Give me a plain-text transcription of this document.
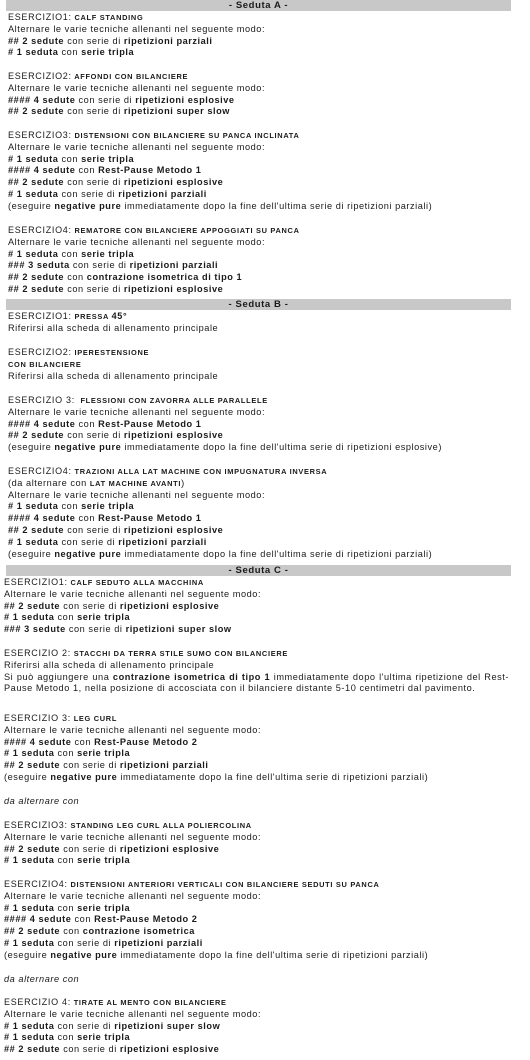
- Seduta A -
ESERCIZIO1: CALF STANDING
Alternare le varie tecniche allenanti nel seguente modo:
## 2 sedute con serie di ripetizioni parziali
# 1 seduta con serie tripla
ESERCIZIO2: AFFONDI CON BILANCIERE
Alternare le varie tecniche allenanti nel seguente modo:
#### 4 sedute con serie di ripetizioni esplosive
## 2 sedute con serie di ripetizioni super slow
ESERCIZIO3: DISTENSIONI CON BILANCIERE SU PANCA INCLINATA
Alternare le varie tecniche allenanti nel seguente modo:
# 1 seduta con serie tripla
#### 4 sedute con Rest-Pause Metodo 1
## 2 sedute con serie di ripetizioni esplosive
# 1 seduta con serie di ripetizioni parziali
(eseguire negative pure immediatamente dopo la fine dell'ultima serie di ripetizioni parziali)
ESERCIZIO4: REMATORE CON BILANCIERE APPOGGIATI SU PANCA
Alternare le varie tecniche allenanti nel seguente modo:
# 1 seduta con serie tripla
### 3 seduta con serie di ripetizioni parziali
## 2 sedute con contrazione isometrica di tipo 1
## 2 sedute con serie di ripetizioni esplosive
- Seduta B -
ESERCIZIO1: PRESSA 45°
Riferirsi alla scheda di allenamento principale
ESERCIZIO2: IPERESTENSIONE
CON BILANCIERE
Riferirsi alla scheda di allenamento principale
ESERCIZIO 3: FLESSIONI CON ZAVORRA ALLE PARALLELE
Alternare le varie tecniche allenanti nel seguente modo:
#### 4 sedute con Rest-Pause Metodo 1
## 2 sedute con serie di ripetizioni esplosive
(eseguire negative pure immediatamente dopo la fine dell'ultima serie di ripetizioni esplosive)
ESERCIZIO4: TRAZIONI ALLA LAT MACHINE CON IMPUGNATURA INVERSA
(da alternare con LAT MACHINE AVANTI)
Alternare le varie tecniche allenanti nel seguente modo:
# 1 seduta con serie tripla
#### 4 sedute con Rest-Pause Metodo 1
## 2 sedute con serie di ripetizioni esplosive
# 1 seduta con serie di ripetizioni parziali
(eseguire negative pure immediatamente dopo la fine dell'ultima serie di ripetizioni parziali)
- Seduta C -
ESERCIZIO1: CALF SEDUTO ALLA MACCHINA
Alternare le varie tecniche allenanti nel seguente modo:
## 2 sedute con serie di ripetizioni esplosive
# 1 seduta con serie tripla
### 3 sedute con serie di ripetizioni super slow
ESERCIZIO 2: STACCHI DA TERRA STILE SUMO CON BILANCIERE
Riferirsi alla scheda di allenamento principale
Si può aggiungere una contrazione isometrica di tipo 1 immediatamente dopo l'ultima ripetizione del Rest-Pause Metodo 1, nella posizione di accosciata con il bilanciere distante 5-10 centimetri dal pavimento.
ESERCIZIO 3: LEG CURL
Alternare le varie tecniche allenanti nel seguente modo:
#### 4 sedute con Rest-Pause Metodo 2
# 1 seduta con serie tripla
## 2 sedute con serie di ripetizioni parziali
(eseguire negative pure immediatamente dopo la fine dell'ultima serie di ripetizioni parziali)
da alternare con
ESERCIZIO3: STANDING LEG CURL ALLA POLIERCOLINA
Alternare le varie tecniche allenanti nel seguente modo:
## 2 sedute con serie di ripetizioni esplosive
# 1 seduta con serie tripla
ESERCIZIO4: DISTENSIONI ANTERIORI VERTICALI CON BILANCIERE SEDUTI SU PANCA
Alternare le varie tecniche allenanti nel seguente modo:
# 1 seduta con serie tripla
#### 4 sedute con Rest-Pause Metodo 2
## 2 sedute con contrazione isometrica
# 1 seduta con serie di ripetizioni parziali
(eseguire negative pure immediatamente dopo la fine dell'ultima serie di ripetizioni parziali)
da alternare con
ESERCIZIO 4: TIRATE AL MENTO CON BILANCIERE
Alternare le varie tecniche allenanti nel seguente modo:
# 1 seduta con serie di ripetizioni super slow
# 1 seduta con serie tripla
## 2 sedute con serie di ripetizioni esplosive
